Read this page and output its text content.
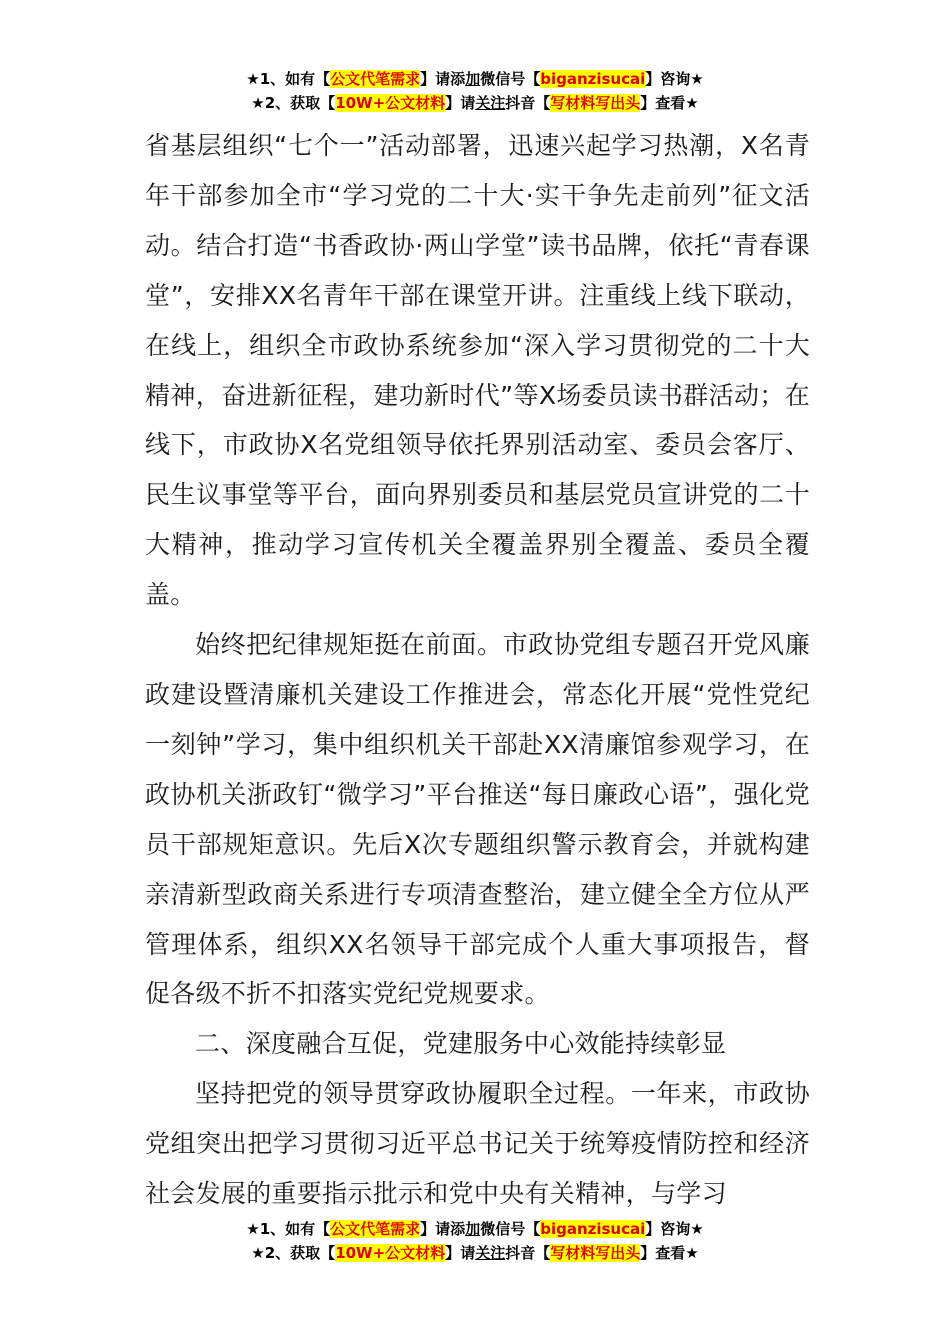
★1、如有【公文代笔需求】请添加微信号【biganzisucai】咨询★
★2、获取【10W+公文材料】请关注抖音【写材料写出头】查看★

省基层组织“七个一”活动部署，迅速兴起学习热潮，X名青年干部参加全市“学习党的二十大·实干争先走前列”征文活动。结合打造“书香政协·两山学堂”读书品牌，依托“青春课堂”，安排XX名青年干部在课堂开讲。注重线上线下联动，在线上，组织全市政协系统参加“深入学习贯彻党的二十大精神，奋进新征程，建功新时代”等X场委员读书群活动；在线下，市政协X名党组领导依托界别活动室、委员会客厅、民生议事堂等平台，面向界别委员和基层党员宣讲党的二十大精神，推动学习宣传机关全覆盖界别全覆盖、委员全覆盖。

始终把纪律规矩挺在前面。市政协党组专题召开党风廉政建设暨清廉机关建设工作推进会，常态化开展“党性党纪一刻钟”学习，集中组织机关干部赴XX清廉馆参观学习，在政协机关浙政钉“微学习”平台推送“每日廉政心语”，强化党员干部规矩意识。先后X次专题组织警示教育会，并就构建亲清新型政商关系进行专项清查整治，建立健全全方位从严管理体系，组织XX名领导干部完成个人重大事项报告，督促各级不折不扣落实党纪党规要求。

二、深度融合互促，党建服务中心效能持续彰显

坚持把党的领导贯穿政协履职全过程。一年来，市政协党组突出把学习贯彻习近平总书记关于统筹疫情防控和经济社会发展的重要指示批示和党中央有关精神，与学习

★1、如有【公文代笔需求】请添加微信号【biganzisucai】咨询★
★2、获取【10W+公文材料】请关注抖音【写材料写出头】查看★
